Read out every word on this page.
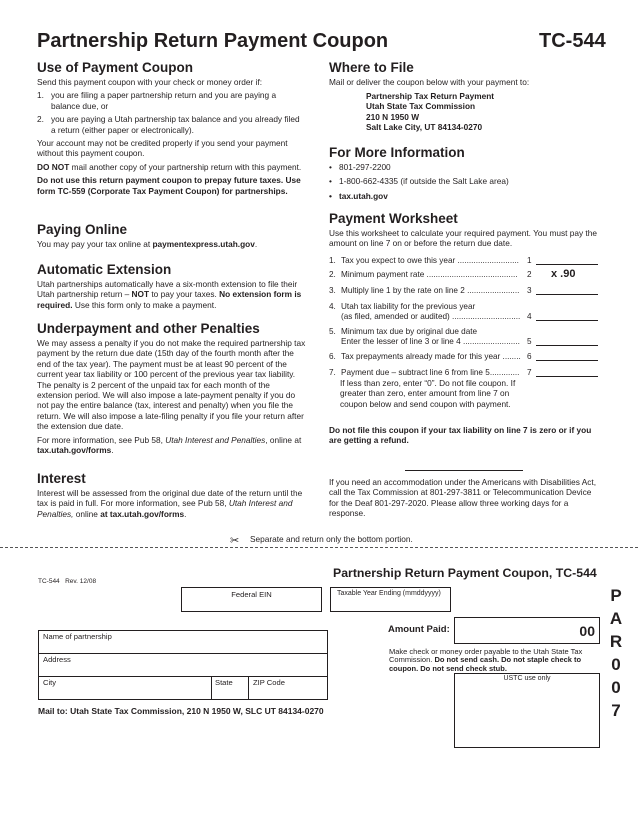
Partnership Return Payment Coupon	TC-544
Use of Payment Coupon
Send this payment coupon with your check or money order if:
1. you are filing a paper partnership return and you are paying a balance due, or
2. you are paying a Utah partnership tax balance and you already filed a return (either paper or electronically).
Your account may not be credited properly if you send your payment without this payment coupon.
DO NOT mail another copy of your partnership return with this payment.
Do not use this return payment coupon to prepay future taxes. Use form TC-559 (Corporate Tax Payment Coupon) for partnerships.
Paying Online
You may pay your tax online at paymentexpress.utah.gov.
Automatic Extension
Utah partnerships automatically have a six-month extension to file their Utah partnership return – NOT to pay your taxes. No extension form is required. Use this form only to make a payment.
Underpayment and other Penalties
We may assess a penalty if you do not make the required partnership tax payment by the return due date (15th day of the fourth month after the end of the tax year). The payment must be at least 90 percent of the current year tax liability or 100 percent of the previous year tax liability. The penalty is 2 percent of the unpaid tax for each month of the extension period. We will also impose a late-payment penalty if you do not pay the entire balance (tax, interest and penalty) when you file the return. We will also impose a late-filing penalty if you file your return after the extension due date.
For more information, see Pub 58, Utah Interest and Penalties, online at tax.utah.gov/forms.
Interest
Interest will be assessed from the original due date of the return until the tax is paid in full. For more information, see Pub 58, Utah Interest and Penalties, online at tax.utah.gov/forms.
Where to File
Mail or deliver the coupon below with your payment to:
Partnership Tax Return Payment
Utah State Tax Commission
210 N 1950 W
Salt Lake City, UT 84134-0270
For More Information
• 801-297-2200
• 1-800-662-4335 (if outside the Salt Lake area)
• tax.utah.gov
Payment Worksheet
Use this worksheet to calculate your required payment. You must pay the amount on line 7 on or before the return due date.
1. Tax you expect to owe this year ........................... 1
2. Minimum payment rate ........................................ 2 x .90
3. Multiply line 1 by the rate on line 2 ....................... 3
4. Utah tax liability for the previous year
(as filed, amended or audited) .............................. 4
5. Minimum tax due by original due date
Enter the lesser of line 3 or line 4 ......................... 5
6. Tax prepayments already made for this year ........ 6
7. Payment due – subtract line 6 from line 5............. 7
If less than zero, enter “0”. Do not file coupon. If greater than zero, enter amount from line 7 on coupon below and send coupon with payment.
Do not file this coupon if your tax liability on line 7 is zero or if you are getting a refund.
If you need an accommodation under the Americans with Disabilities Act, call the Tax Commission at 801-297-3811 or Telecommunication Device for the Deaf 801-297-2020. Please allow three working days for a response.
✂ Separate and return only the bottom portion.
TC-544 Rev. 12/08
Partnership Return Payment Coupon, TC-544
Federal EIN	Taxable Year Ending (mmddyyyy)
Name of partnership
Address
City	State	ZIP Code
Amount Paid:	00
Make check or money order payable to the Utah State Tax Commission. Do not send cash. Do not staple check to coupon. Do not send check stub.
USTC use only
Mail to: Utah State Tax Commission, 210 N 1950 W, SLC UT 84134-0270
P
A
R
0
0
7
